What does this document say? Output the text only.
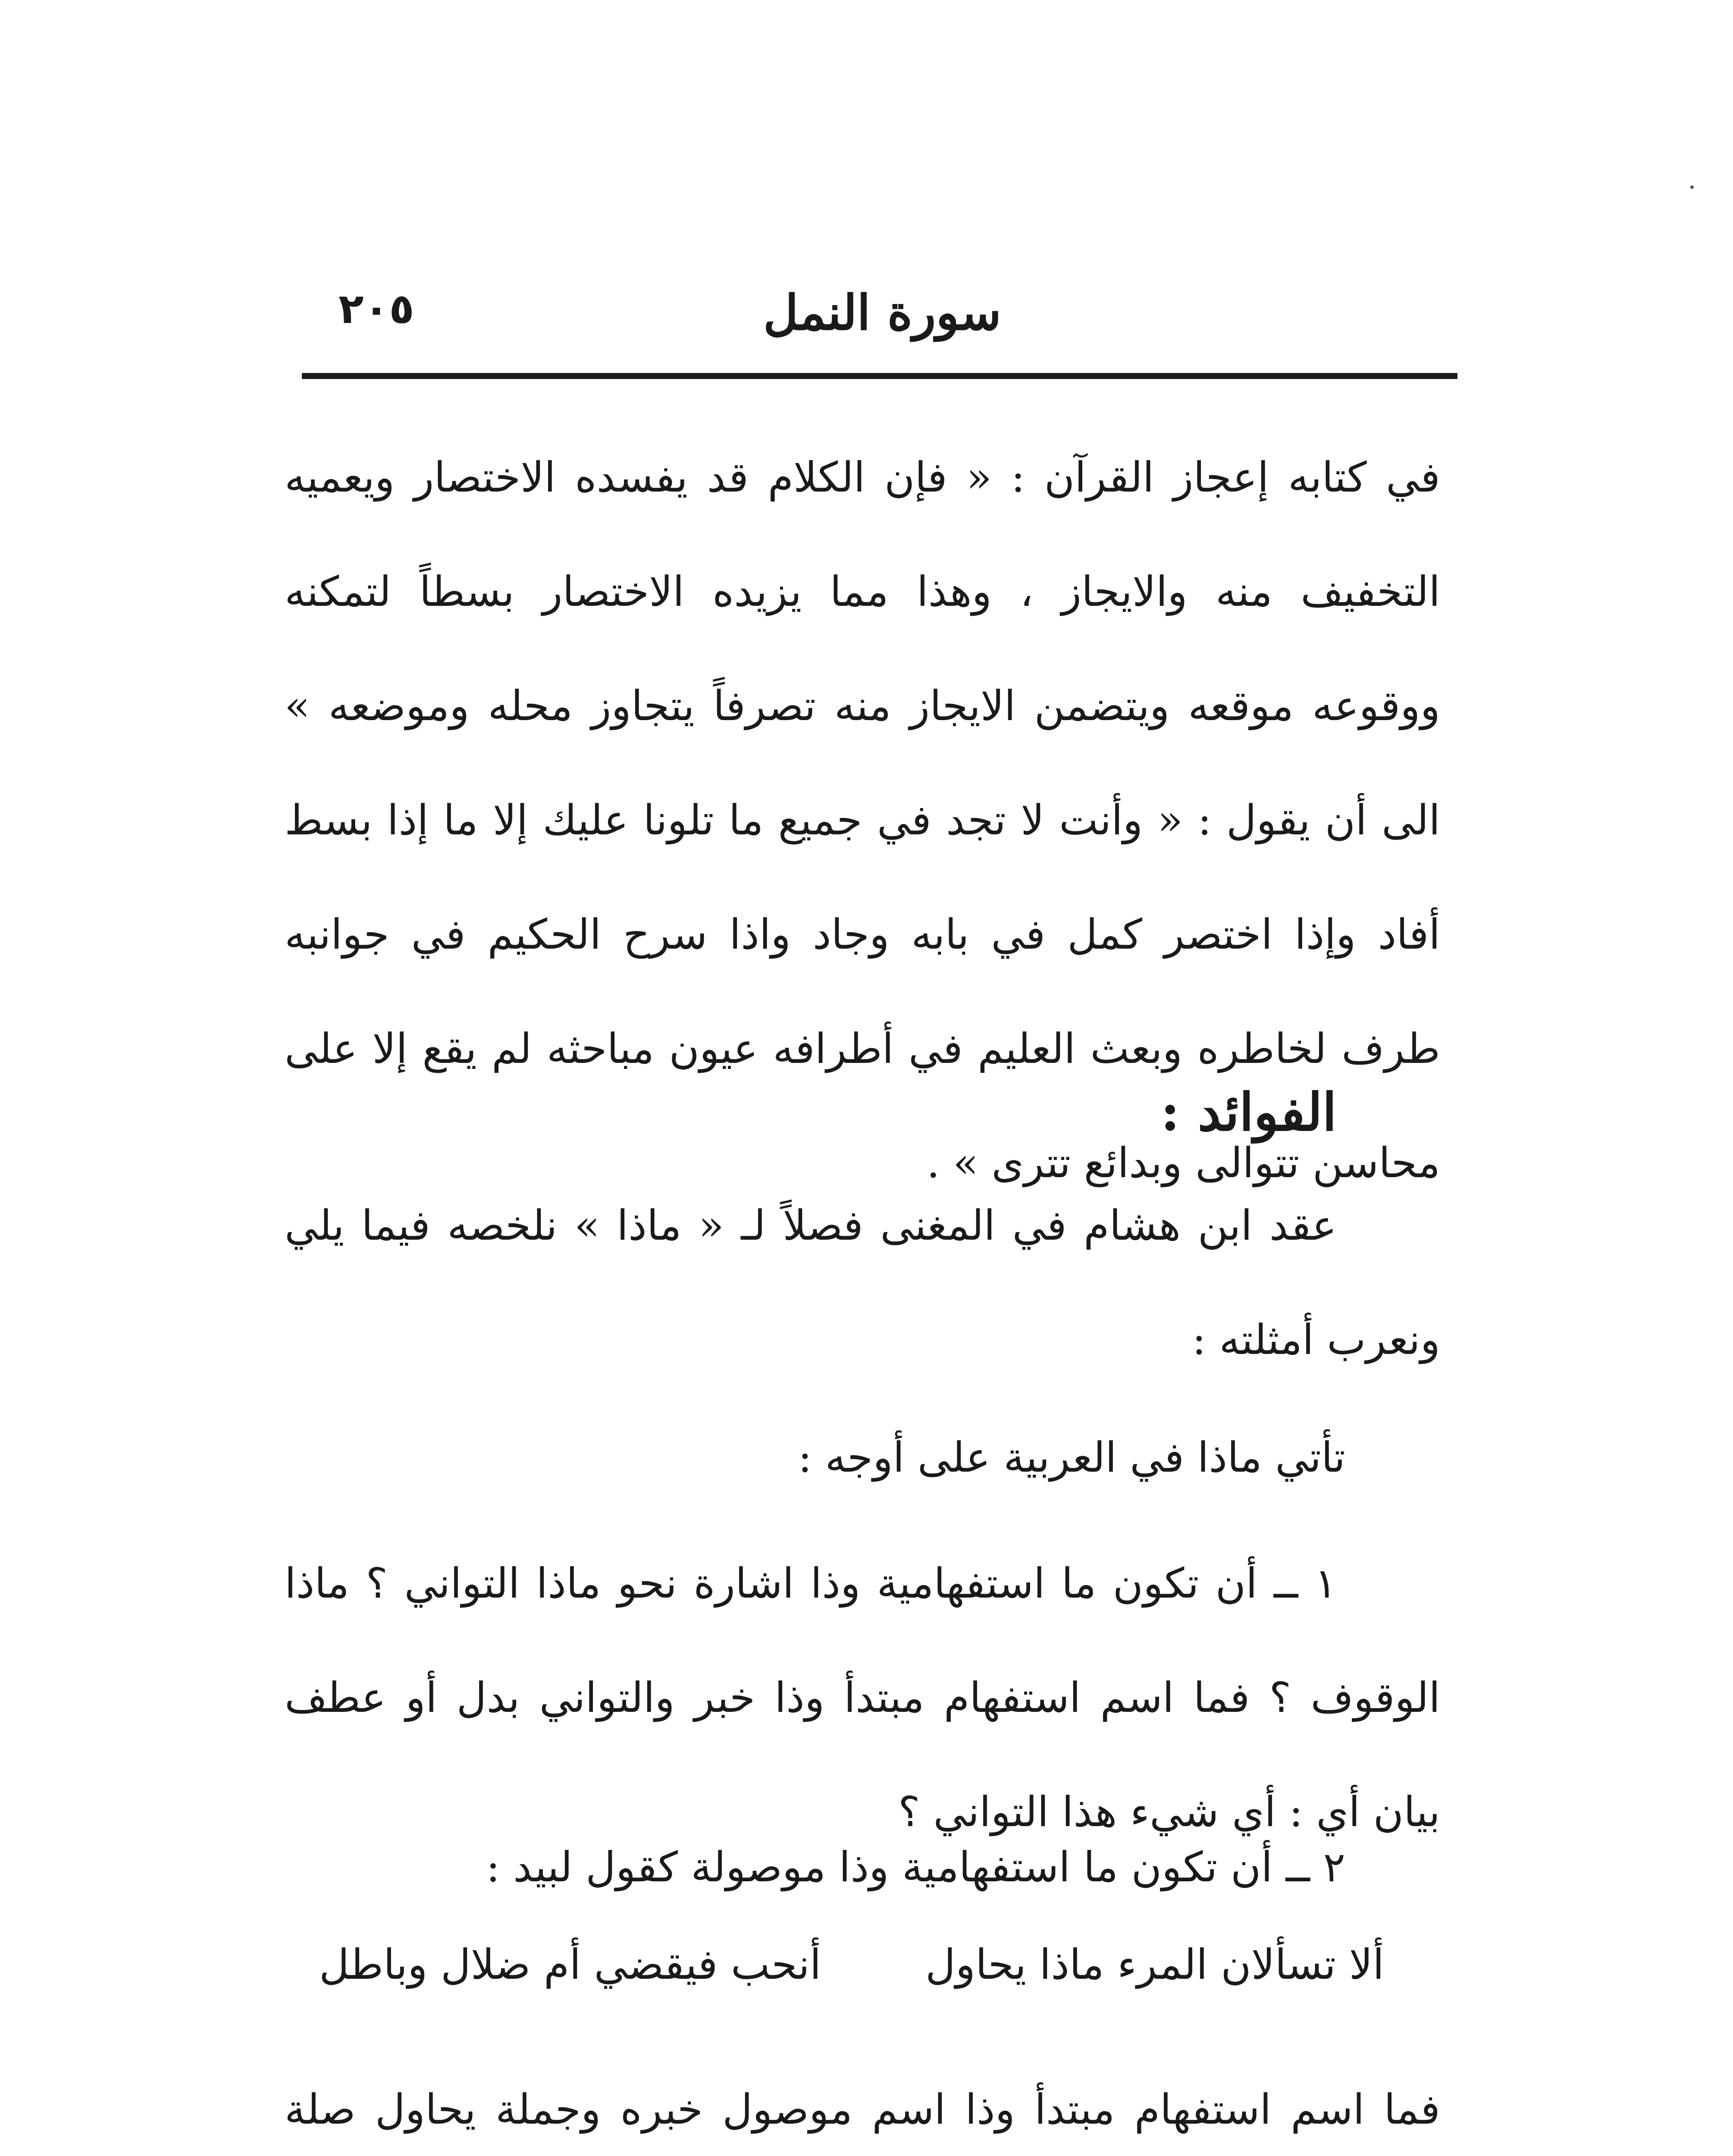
٢٠٥	سورة النمل
في كتابه إعجاز القرآن : « فإن الكلام قد يفسده الاختصار ويعميه التخفيف منه والايجاز ، وهذا مما يزيده الاختصار بسطاً لتمكنه ووقوعه موقعه ويتضمن الايجاز منه تصرفاً يتجاوز محله وموضعه » الى أن يقول : « وأنت لا تجد في جميع ما تلونا عليك إلا ما إذا بسط أفاد وإذا اختصر كمل في بابه وجاد واذا سرح الحكيم في جوانبه طرف لخاطره وبعث العليم في أطرافه عيون مباحثه لم يقع إلا على محاسن تتوالى وبدائع تترى » .
الفوائد :
عقد ابن هشام في المغنى فصلاً لـ « ماذا » نلخصه فيما يلي ونعرب أمثلته :
تأتي ماذا في العربية على أوجه :
١ ــ أن تكون ما استفهامية وذا اشارة نحو ماذا التواني ؟ ماذا الوقوف ؟ فما اسم استفهام مبتدأ وذا خبر والتواني بدل أو عطف بيان أي : أي شيء هذا التواني ؟
٢ ــ أن تكون ما استفهامية وذا موصولة كقول لبيد :
ألا تسألان المرء ماذا يحاول
أنحب فيقضي أم ضلال وباطل
فما اسم استفهام مبتدأ وذا اسم موصول خبره وجملة يحاول صلة
